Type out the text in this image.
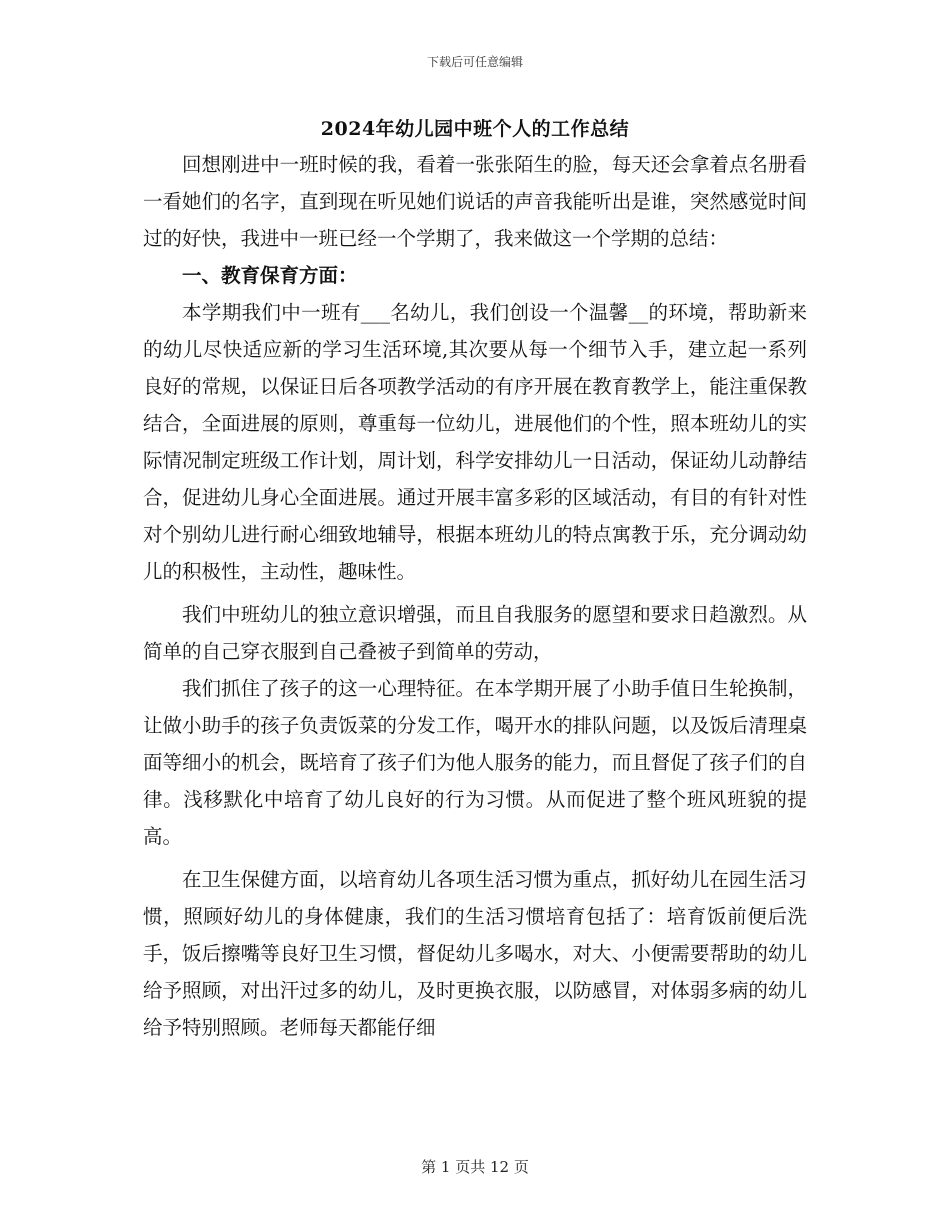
下载后可任意编辑
2024年幼儿园中班个人的工作总结

回想刚进中一班时候的我，看着一张张陌生的脸，每天还会拿着点名册看一看她们的名字，直到现在听见她们说话的声音我能听出是谁，突然感觉时间过的好快，我进中一班已经一个学期了，我来做这一个学期的总结：

一、教育保育方面：

本学期我们中一班有___名幼儿，我们创设一个温馨__的环境，帮助新来的幼儿尽快适应新的学习生活环境,其次要从每一个细节入手，建立起一系列良好的常规，以保证日后各项教学活动的有序开展在教育教学上，能注重保教结合，全面进展的原则，尊重每一位幼儿，进展他们的个性，照本班幼儿的实际情况制定班级工作计划，周计划，科学安排幼儿一日活动，保证幼儿动静结合，促进幼儿身心全面进展。通过开展丰富多彩的区域活动，有目的有针对性对个别幼儿进行耐心细致地辅导，根据本班幼儿的特点寓教于乐，充分调动幼儿的积极性，主动性，趣味性。

我们中班幼儿的独立意识增强，而且自我服务的愿望和要求日趋激烈。从简单的自己穿衣服到自己叠被子到简单的劳动，

我们抓住了孩子的这一心理特征。在本学期开展了小助手值日生轮换制，让做小助手的孩子负责饭菜的分发工作，喝开水的排队问题，以及饭后清理桌面等细小的机会，既培育了孩子们为他人服务的能力，而且督促了孩子们的自律。浅移默化中培育了幼儿良好的行为习惯。从而促进了整个班风班貌的提高。

在卫生保健方面，以培育幼儿各项生活习惯为重点，抓好幼儿在园生活习惯，照顾好幼儿的身体健康，我们的生活习惯培育包括了：培育饭前便后洗手，饭后擦嘴等良好卫生习惯，督促幼儿多喝水，对大、小便需要帮助的幼儿给予照顾，对出汗过多的幼儿，及时更换衣服，以防感冒，对体弱多病的幼儿给予特别照顾。老师每天都能仔细

第 1 页共 12 页
